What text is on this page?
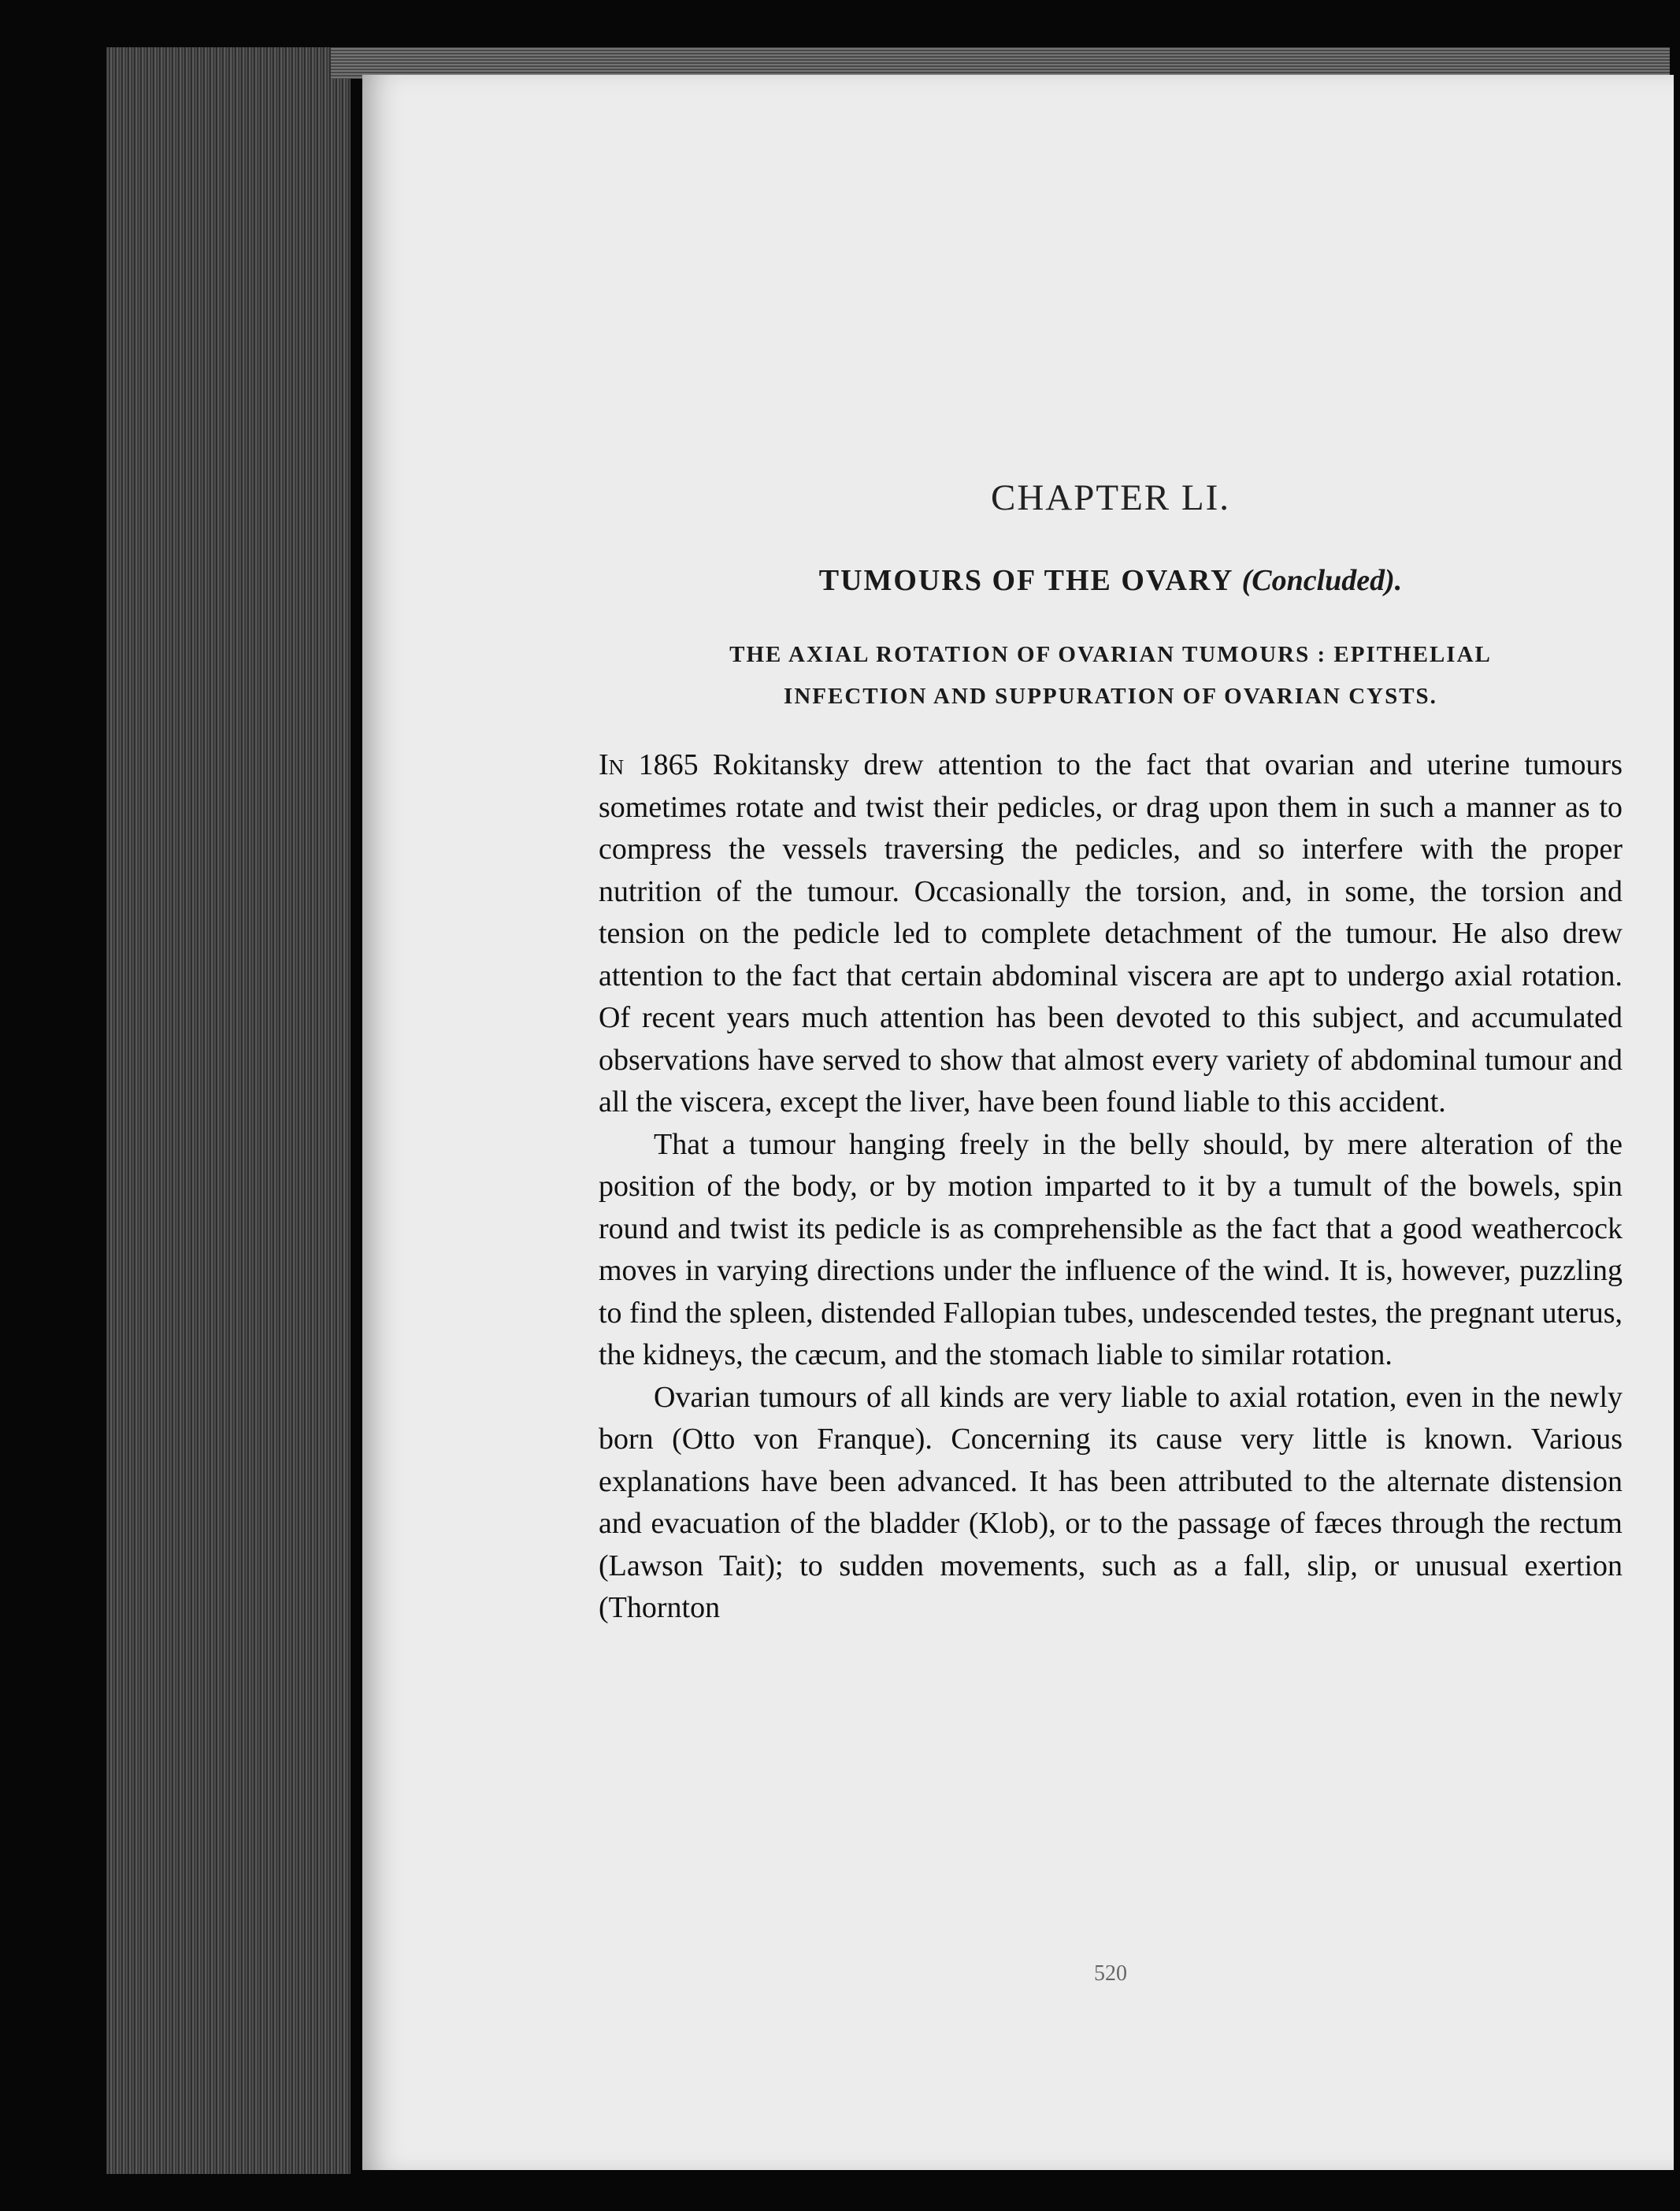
CHAPTER LI.
TUMOURS OF THE OVARY (Concluded).
THE AXIAL ROTATION OF OVARIAN TUMOURS : EPITHELIAL
INFECTION AND SUPPURATION OF OVARIAN CYSTS.

In 1865 Rokitansky drew attention to the fact that ovarian and uterine tumours sometimes rotate and twist their pedicles, or drag upon them in such a manner as to compress the vessels traversing the pedicles, and so interfere with the proper nutrition of the tumour. Occasionally the torsion, and, in some, the torsion and tension on the pedicle led to complete detachment of the tumour. He also drew attention to the fact that certain abdominal viscera are apt to undergo axial rotation. Of recent years much attention has been devoted to this subject, and accumulated observations have served to show that almost every variety of abdominal tumour and all the viscera, except the liver, have been found liable to this accident.

That a tumour hanging freely in the belly should, by mere alteration of the position of the body, or by motion imparted to it by a tumult of the bowels, spin round and twist its pedicle is as comprehensible as the fact that a good weathercock moves in varying directions under the influence of the wind. It is, however, puzzling to find the spleen, distended Fallopian tubes, undescended testes, the pregnant uterus, the kidneys, the cæcum, and the stomach liable to similar rotation.

Ovarian tumours of all kinds are very liable to axial rotation, even in the newly born (Otto von Franque). Concerning its cause very little is known. Various explanations have been advanced. It has been attributed to the alternate distension and evacuation of the bladder (Klob), or to the passage of fæces through the rectum (Lawson Tait); to sudden movements, such as a fall, slip, or unusual exertion (Thornton

520
